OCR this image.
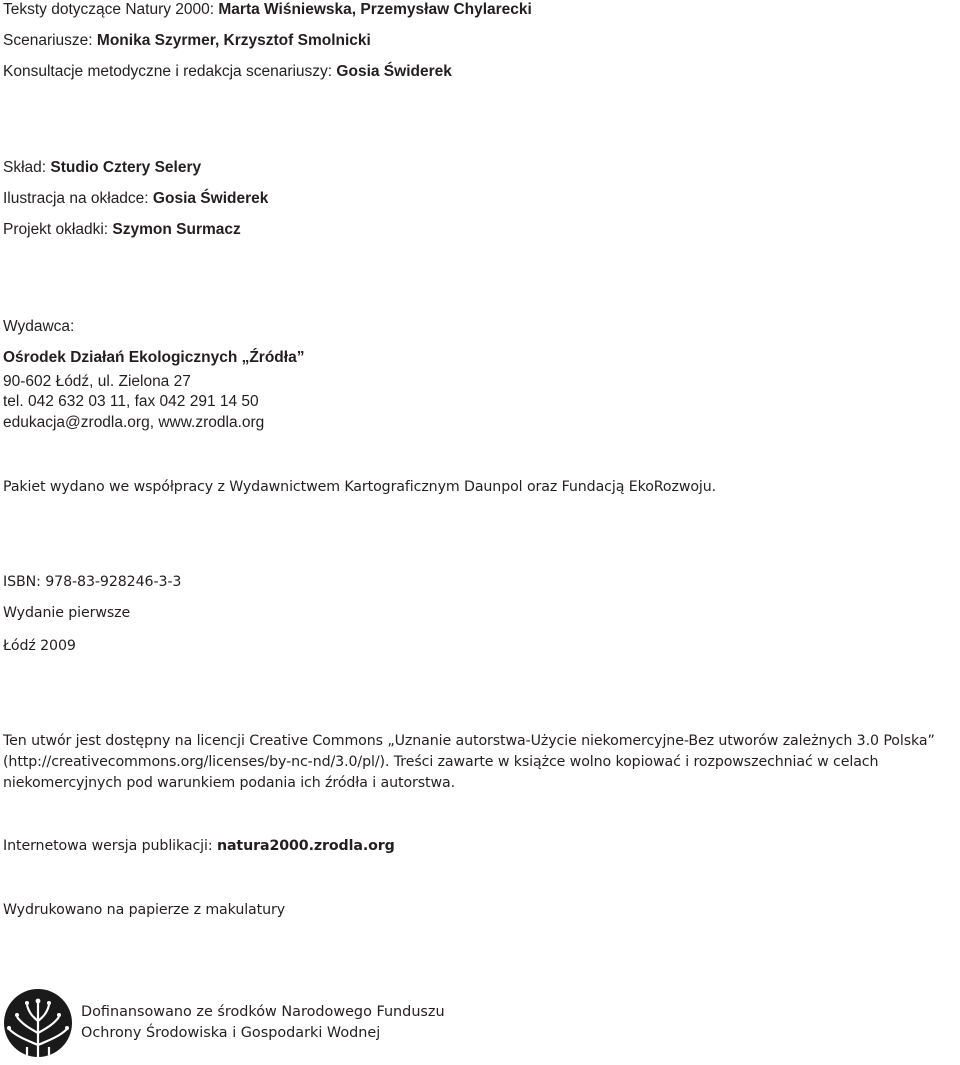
Teksty dotyczące Natury 2000: Marta Wiśniewska, Przemysław Chylarecki
Scenariusze: Monika Szyrmer, Krzysztof Smolnicki
Konsultacje metodyczne i redakcja scenariuszy: Gosia Świderek
Skład: Studio Cztery Selery
Ilustracja na okładce: Gosia Świderek
Projekt okładki: Szymon Surmacz
Wydawca:
Ośrodek Działań Ekologicznych „Źródła”
90-602 Łódź, ul. Zielona 27
tel. 042 632 03 11, fax 042 291 14 50
edukacja@zrodla.org, www.zrodla.org
Pakiet wydano we współpracy z Wydawnictwem Kartograficznym Daunpol oraz Fundacją EkoRozwoju.
ISBN: 978-83-928246-3-3
Wydanie pierwsze
Łódź 2009
Ten utwór jest dostępny na licencji Creative Commons „Uznanie autorstwa-Użycie niekomercyjne-Bez utworów zależnych 3.0 Polska”
(http://creativecommons.org/licenses/by-nc-nd/3.0/pl/). Treści zawarte w książce wolno kopiować i rozpowszechniać w celach
niekomercyjnych pod warunkiem podania ich źródła i autorstwa.
Internetowa wersja publikacji: natura2000.zrodla.org
Wydrukowano na papierze z makulatury
Dofinansowano ze środków Narodowego Funduszu
Ochrony Środowiska i Gospodarki Wodnej
